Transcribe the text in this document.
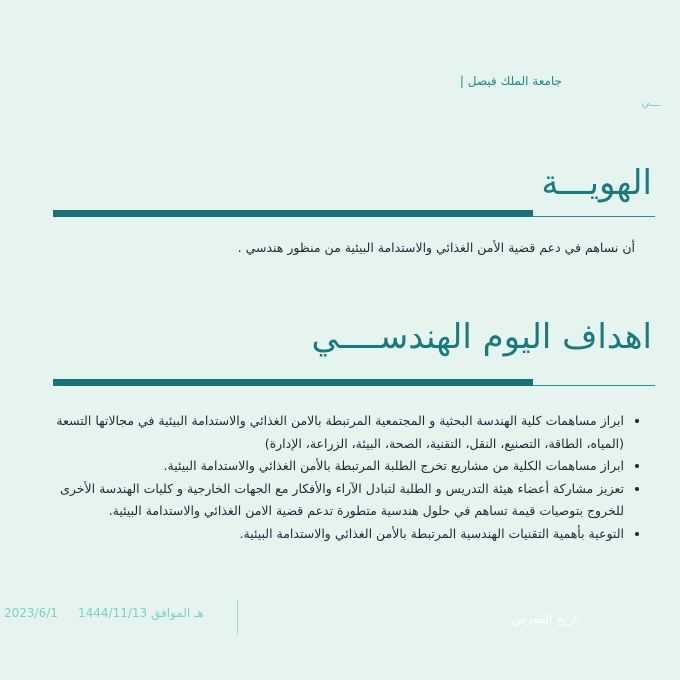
جامعة الملك فيصل |
ـــي
الهويـــة
أن نساهم في دعم قضية الأمن الغذائي والاستدامة البيئية من منظور هندسي .
اهداف اليوم الهندســــي
• ابراز مساهمات كلية الهندسة البحثية و المجتمعية المرتبطة بالامن الغذائي والاستدامة البيئية في مجالاتها التسعة (المياه، الطاقة، التصنيع، النقل، التقنية، الصحة، البيئة، الزراعة، الإدارة)
• ابراز مساهمات الكلية من مشاريع تخرج الطلبة المرتبطة بالأمن الغذائي والاستدامة البيئية.
• تعزيز مشاركة أعضاء هيئة التدريس و الطلبة لتبادل الآراء والأفكار مع الجهات الخارجية و كليات الهندسة الأخرى للخروج بتوصيات قيمة تساهم في حلول هندسية متطورة تدعم قضية الامن الغذائي والاستدامة البيئية.
• التوعية بأهمية التقنيات الهندسية المرتبطة بالأمن الغذائي والاستدامة البيئية.
2023/6/1 1444/11/13 هـ الموافق	تاريخ المعرض
